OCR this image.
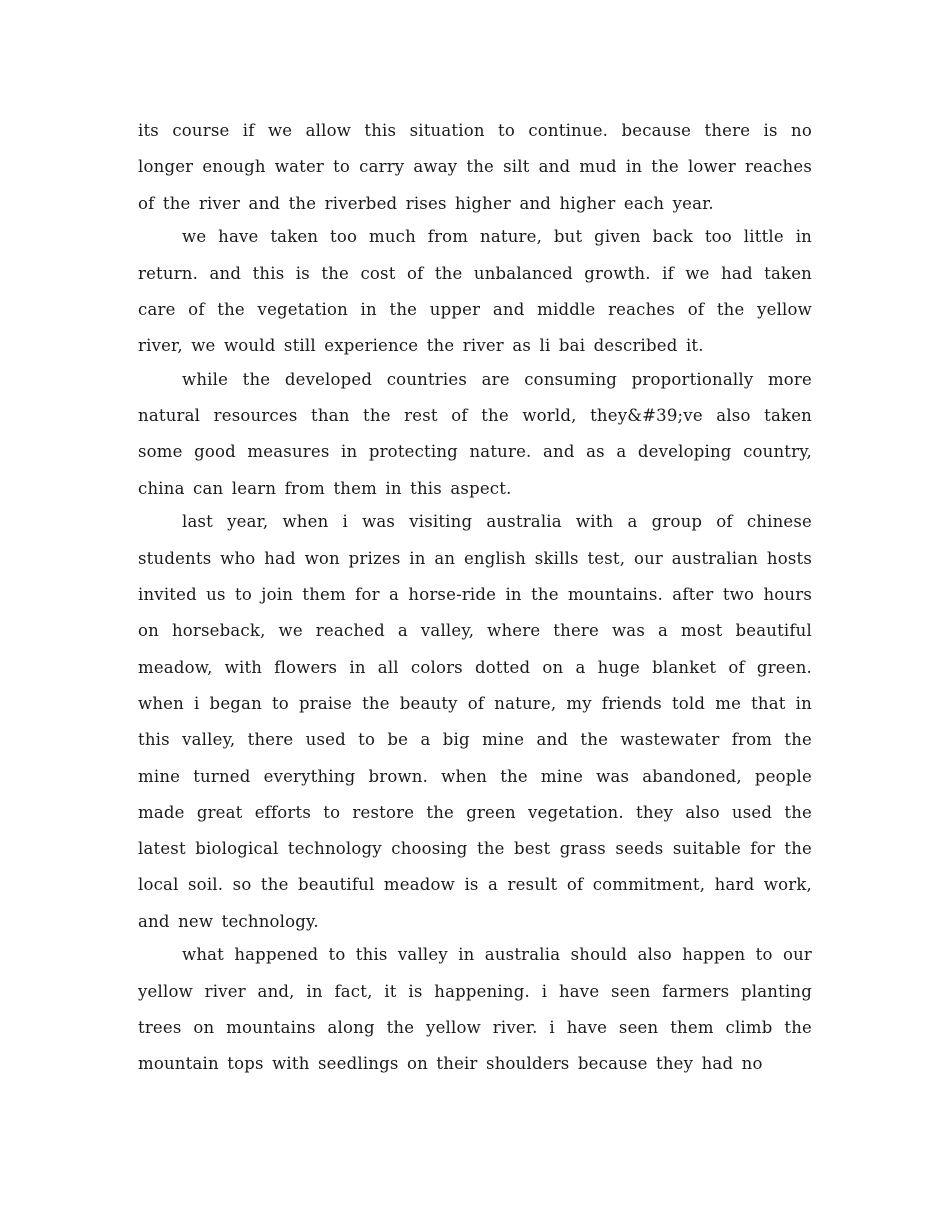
its course if we allow this situation to continue. because there is no longer enough water to carry away the silt and mud in the lower reaches of the river and the riverbed rises higher and higher each year.

we have taken too much from nature, but given back too little in return. and this is the cost of the unbalanced growth. if we had taken care of the vegetation in the upper and middle reaches of the yellow river, we would still experience the river as li bai described it.

while the developed countries are consuming proportionally more natural resources than the rest of the world, they&#39;ve also taken some good measures in protecting nature. and as a developing country, china can learn from them in this aspect.

last year, when i was visiting australia with a group of chinese students who had won prizes in an english skills test, our australian hosts invited us to join them for a horse-ride in the mountains. after two hours on horseback, we reached a valley, where there was a most beautiful meadow, with flowers in all colors dotted on a huge blanket of green. when i began to praise the beauty of nature, my friends told me that in this valley, there used to be a big mine and the wastewater from the mine turned everything brown. when the mine was abandoned, people made great efforts to restore the green vegetation. they also used the latest biological technology choosing the best grass seeds suitable for the local soil. so the beautiful meadow is a result of commitment, hard work, and new technology.

what happened to this valley in australia should also happen to our yellow river and, in fact, it is happening. i have seen farmers planting trees on mountains along the yellow river. i have seen them climb the mountain tops with seedlings on their shoulders because they had no
